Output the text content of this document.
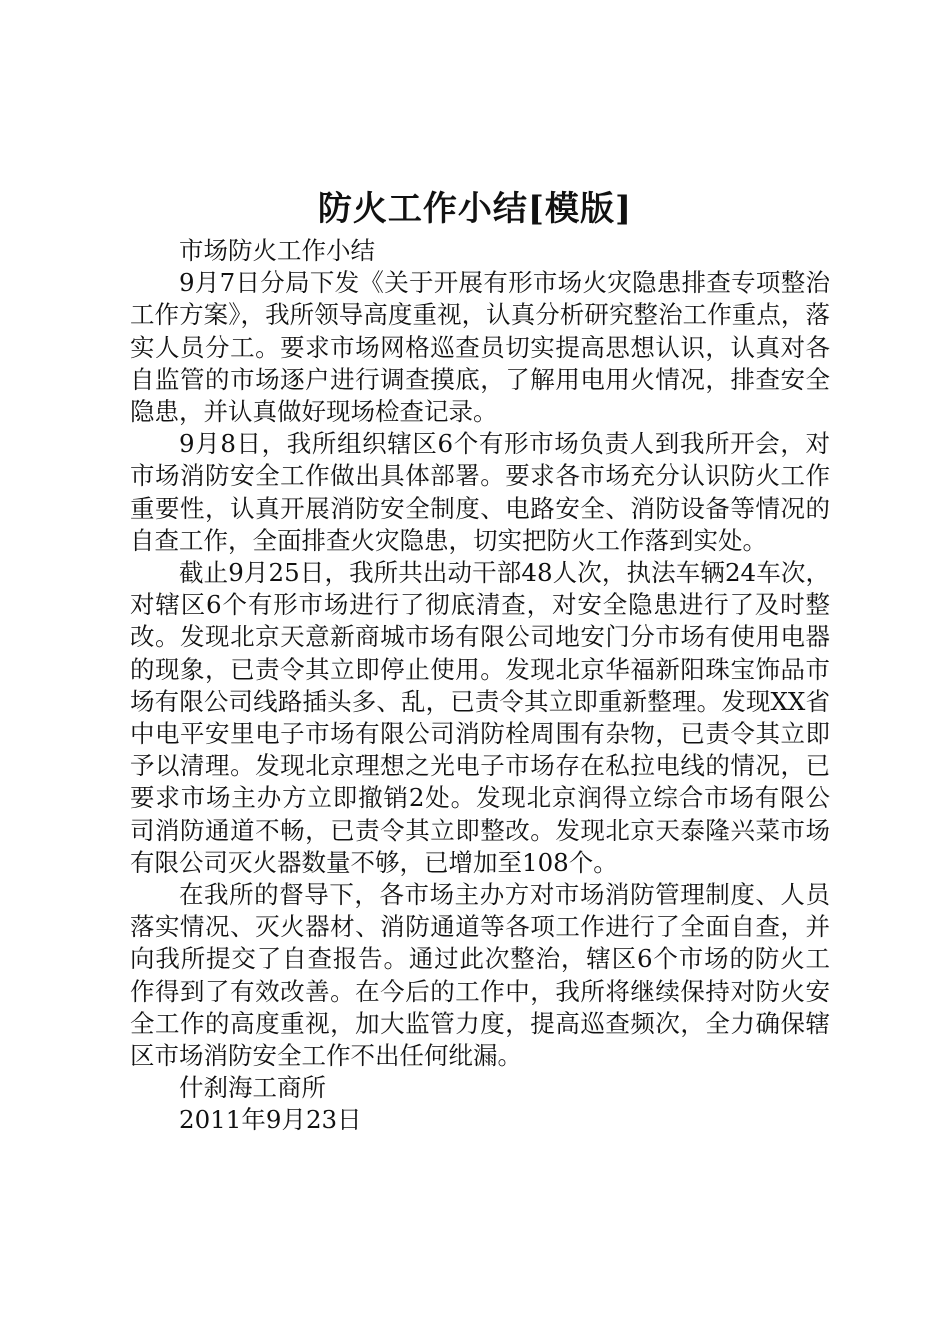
防火工作小结[模版]

市场防火工作小结

9月7日分局下发《关于开展有形市场火灾隐患排查专项整治工作方案》，我所领导高度重视，认真分析研究整治工作重点，落实人员分工。要求市场网格巡查员切实提高思想认识，认真对各自监管的市场逐户进行调查摸底，了解用电用火情况，排查安全隐患，并认真做好现场检查记录。

9月8日，我所组织辖区6个有形市场负责人到我所开会，对市场消防安全工作做出具体部署。要求各市场充分认识防火工作重要性，认真开展消防安全制度、电路安全、消防设备等情况的自查工作，全面排查火灾隐患，切实把防火工作落到实处。

截止9月25日，我所共出动干部48人次，执法车辆24车次，对辖区6个有形市场进行了彻底清查，对安全隐患进行了及时整改。发现北京天意新商城市场有限公司地安门分市场有使用电器的现象，已责令其立即停止使用。发现北京华福新阳珠宝饰品市场有限公司线路插头多、乱，已责令其立即重新整理。发现XX省中电平安里电子市场有限公司消防栓周围有杂物，已责令其立即予以清理。发现北京理想之光电子市场存在私拉电线的情况，已要求市场主办方立即撤销2处。发现北京润得立综合市场有限公司消防通道不畅，已责令其立即整改。发现北京天泰隆兴菜市场有限公司灭火器数量不够，已增加至108个。

在我所的督导下，各市场主办方对市场消防管理制度、人员落实情况、灭火器材、消防通道等各项工作进行了全面自查，并向我所提交了自查报告。通过此次整治，辖区6个市场的防火工作得到了有效改善。在今后的工作中，我所将继续保持对防火安全工作的高度重视，加大监管力度，提高巡查频次，全力确保辖区市场消防安全工作不出任何纰漏。

什刹海工商所

2011年9月23日
